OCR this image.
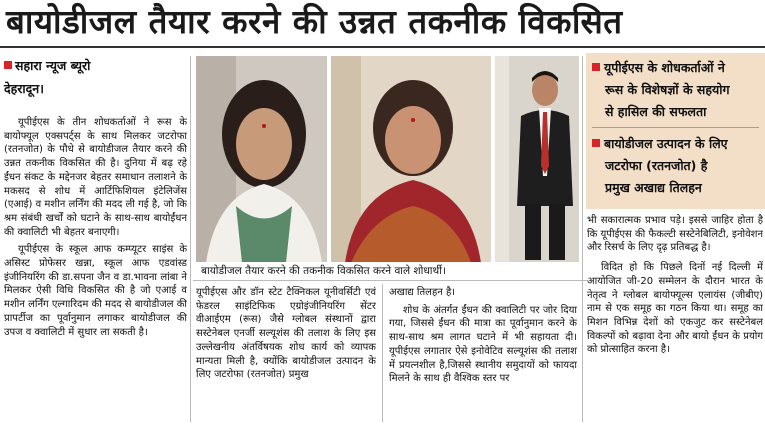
बायोडीजल तैयार करने की उन्नत तकनीक विकसित
सहारा न्यूज ब्यूरो
देहरादून।

यूपीईएस के तीन शोधकर्ताओं ने रूस के बायोफ्यूल एक्सपर्ट्स के साथ मिलकर जटरोफा (रतनजोत) के पौधे से बायोडीजल तैयार करने की उन्नत तकनीक विकसित की है। दुनिया में बढ़ रहे ईंधन संकट के मद्देनजर बेहतर समाधान तलाशने के मकसद से शोध में आर्टिफिशियल इंटेलिजेंस (एआई) व मशीन लर्निंग की मदद ली गई है, जो कि श्रम संबंधी खर्चों को घटाने के साथ-साथ बायोईंधन की क्वालिटी भी बेहतर बनाएगी।

यूपीईएस के स्कूल आफ कम्प्यूटर साइंस के असिस्ट प्रोफेसर खन्ना, स्कूल आफ एडवांस्ड इंजीनियरिंग की डा.सपना जैन व डा.भावना लांबा ने मिलकर ऐसी विधि विकसित की है जो एआई व मशीन लर्निंग एल्गारिदम की मदद से बायोडीजल की प्रापर्टीज का पूर्वानुमान लगाकर बायोडीजल की उपज व क्वालिटी में सुधार ला सकती है।

बायोडीजल तैयार करने की तकनीक विकसित करने वाले शोधार्थी।
यूपीईएस के शोधकर्ताओं ने
रूस के विशेषज्ञों के सहयोग
से हासिल की सफलता
बायोडीजल उत्पादन के लिए
जटरोफा (रतनजोत) है
प्रमुख अखाद्य तिलहन

यूपीईएस और डॉन स्टेट टैक्निकल यूनीवर्सिटी एवं फेडरल साइंटिफिक एग्रोइंजीनियरिंग सेंटर वीआईएम (रूस) जैसे ग्लोबल संस्थानों द्वारा सस्टेनेबल एनर्जी सल्यूशंस की तलाश के लिए इस उल्लेखनीय अंतर्विषयक शोध कार्य को व्यापक मान्यता मिली है, क्योंकि बायोडीजल उत्पादन के लिए जटरोफा (रतनजोत) प्रमुख

अखाद्य तिलहन है।

शोध के अंतर्गत ईंधन की क्वालिटी पर जोर दिया गया, जिससे ईंधन की मात्रा का पूर्वानुमान करने के साथ-साथ श्रम लागत घटाने में भी सहायता दी। यूपीईएस लगातार ऐसे इनोवेटिव सल्यूशंस की तलाश में प्रयत्नशील है,जिससे स्थानीय समुदायों को फायदा मिलने के साथ ही वैश्विक स्तर पर

भी सकारात्मक प्रभाव पड़े। इससे जाहिर होता है कि यूपीईएस की फैकल्टी सस्टेनेबिलिटी, इनोवेशन और रिसर्च के लिए दृढ़ प्रतिबद्ध है।

विदित हो कि पिछले दिनों नई दिल्ली में आयोजित जी-20 सम्मेलन के दौरान भारत के नेतृत्व ने ग्लोबल बायोफ्यूल्स एलायंस (जीबीए) नाम से एक समूह का गठन किया था। समूह का मिशन विभिन्न देशों को एकजुट कर सस्टेनेबल विकल्पों को बढ़ावा देना और बायो ईंधन के प्रयोग को प्रोत्साहित करना है।
